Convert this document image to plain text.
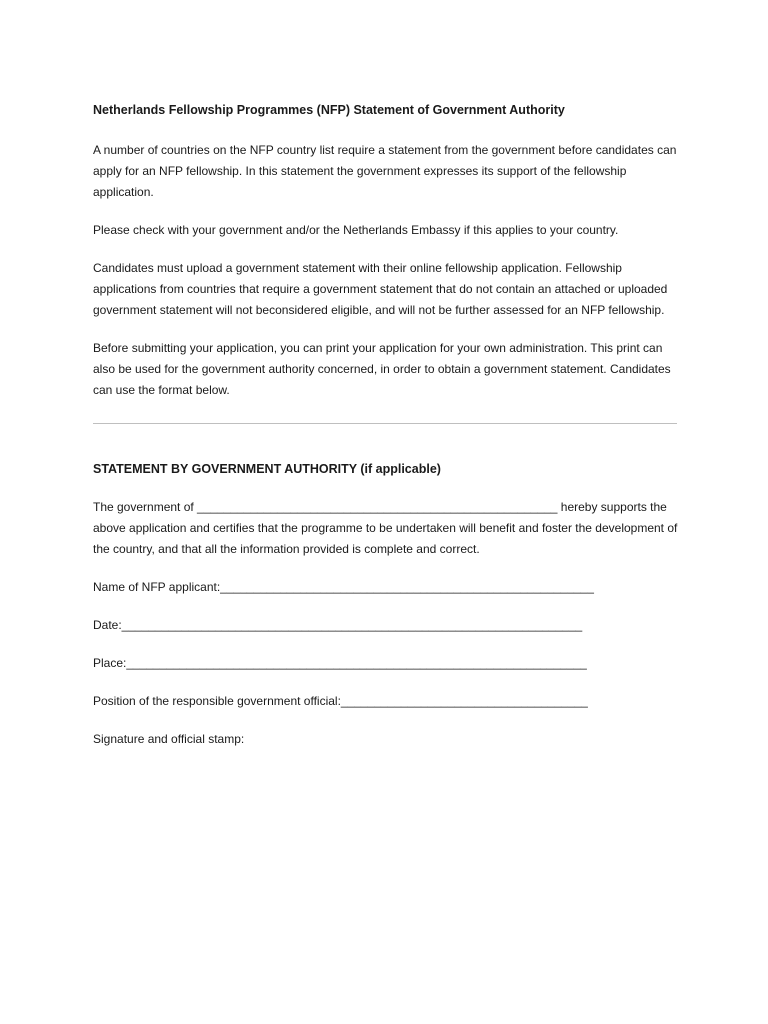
Netherlands Fellowship Programmes (NFP) Statement of Government Authority

A number of countries on the NFP country list require a statement from the government before candidates can apply for an NFP fellowship. In this statement the government expresses its support of the fellowship application.

Please check with your government and/or the Netherlands Embassy if this applies to your country.

Candidates must upload a government statement with their online fellowship application. Fellowship applications from countries that require a government statement that do not contain an attached or uploaded government statement will not beconsidered eligible, and will not be further assessed for an NFP fellowship.

Before submitting your application, you can print your application for your own administration. This print can also be used for the government authority concerned, in order to obtain a government statement. Candidates can use the format below.

STATEMENT BY GOVERNMENT AUTHORITY (if applicable)

The government of ______________________________________________________ hereby supports the above application and certifies that the programme to be undertaken will benefit and foster the development of the country, and that all the information provided is complete and correct.

Name of NFP applicant:________________________________________________________

Date:_____________________________________________________________________

Place:_____________________________________________________________________

Position of the responsible government official:_____________________________________

Signature and official stamp:
